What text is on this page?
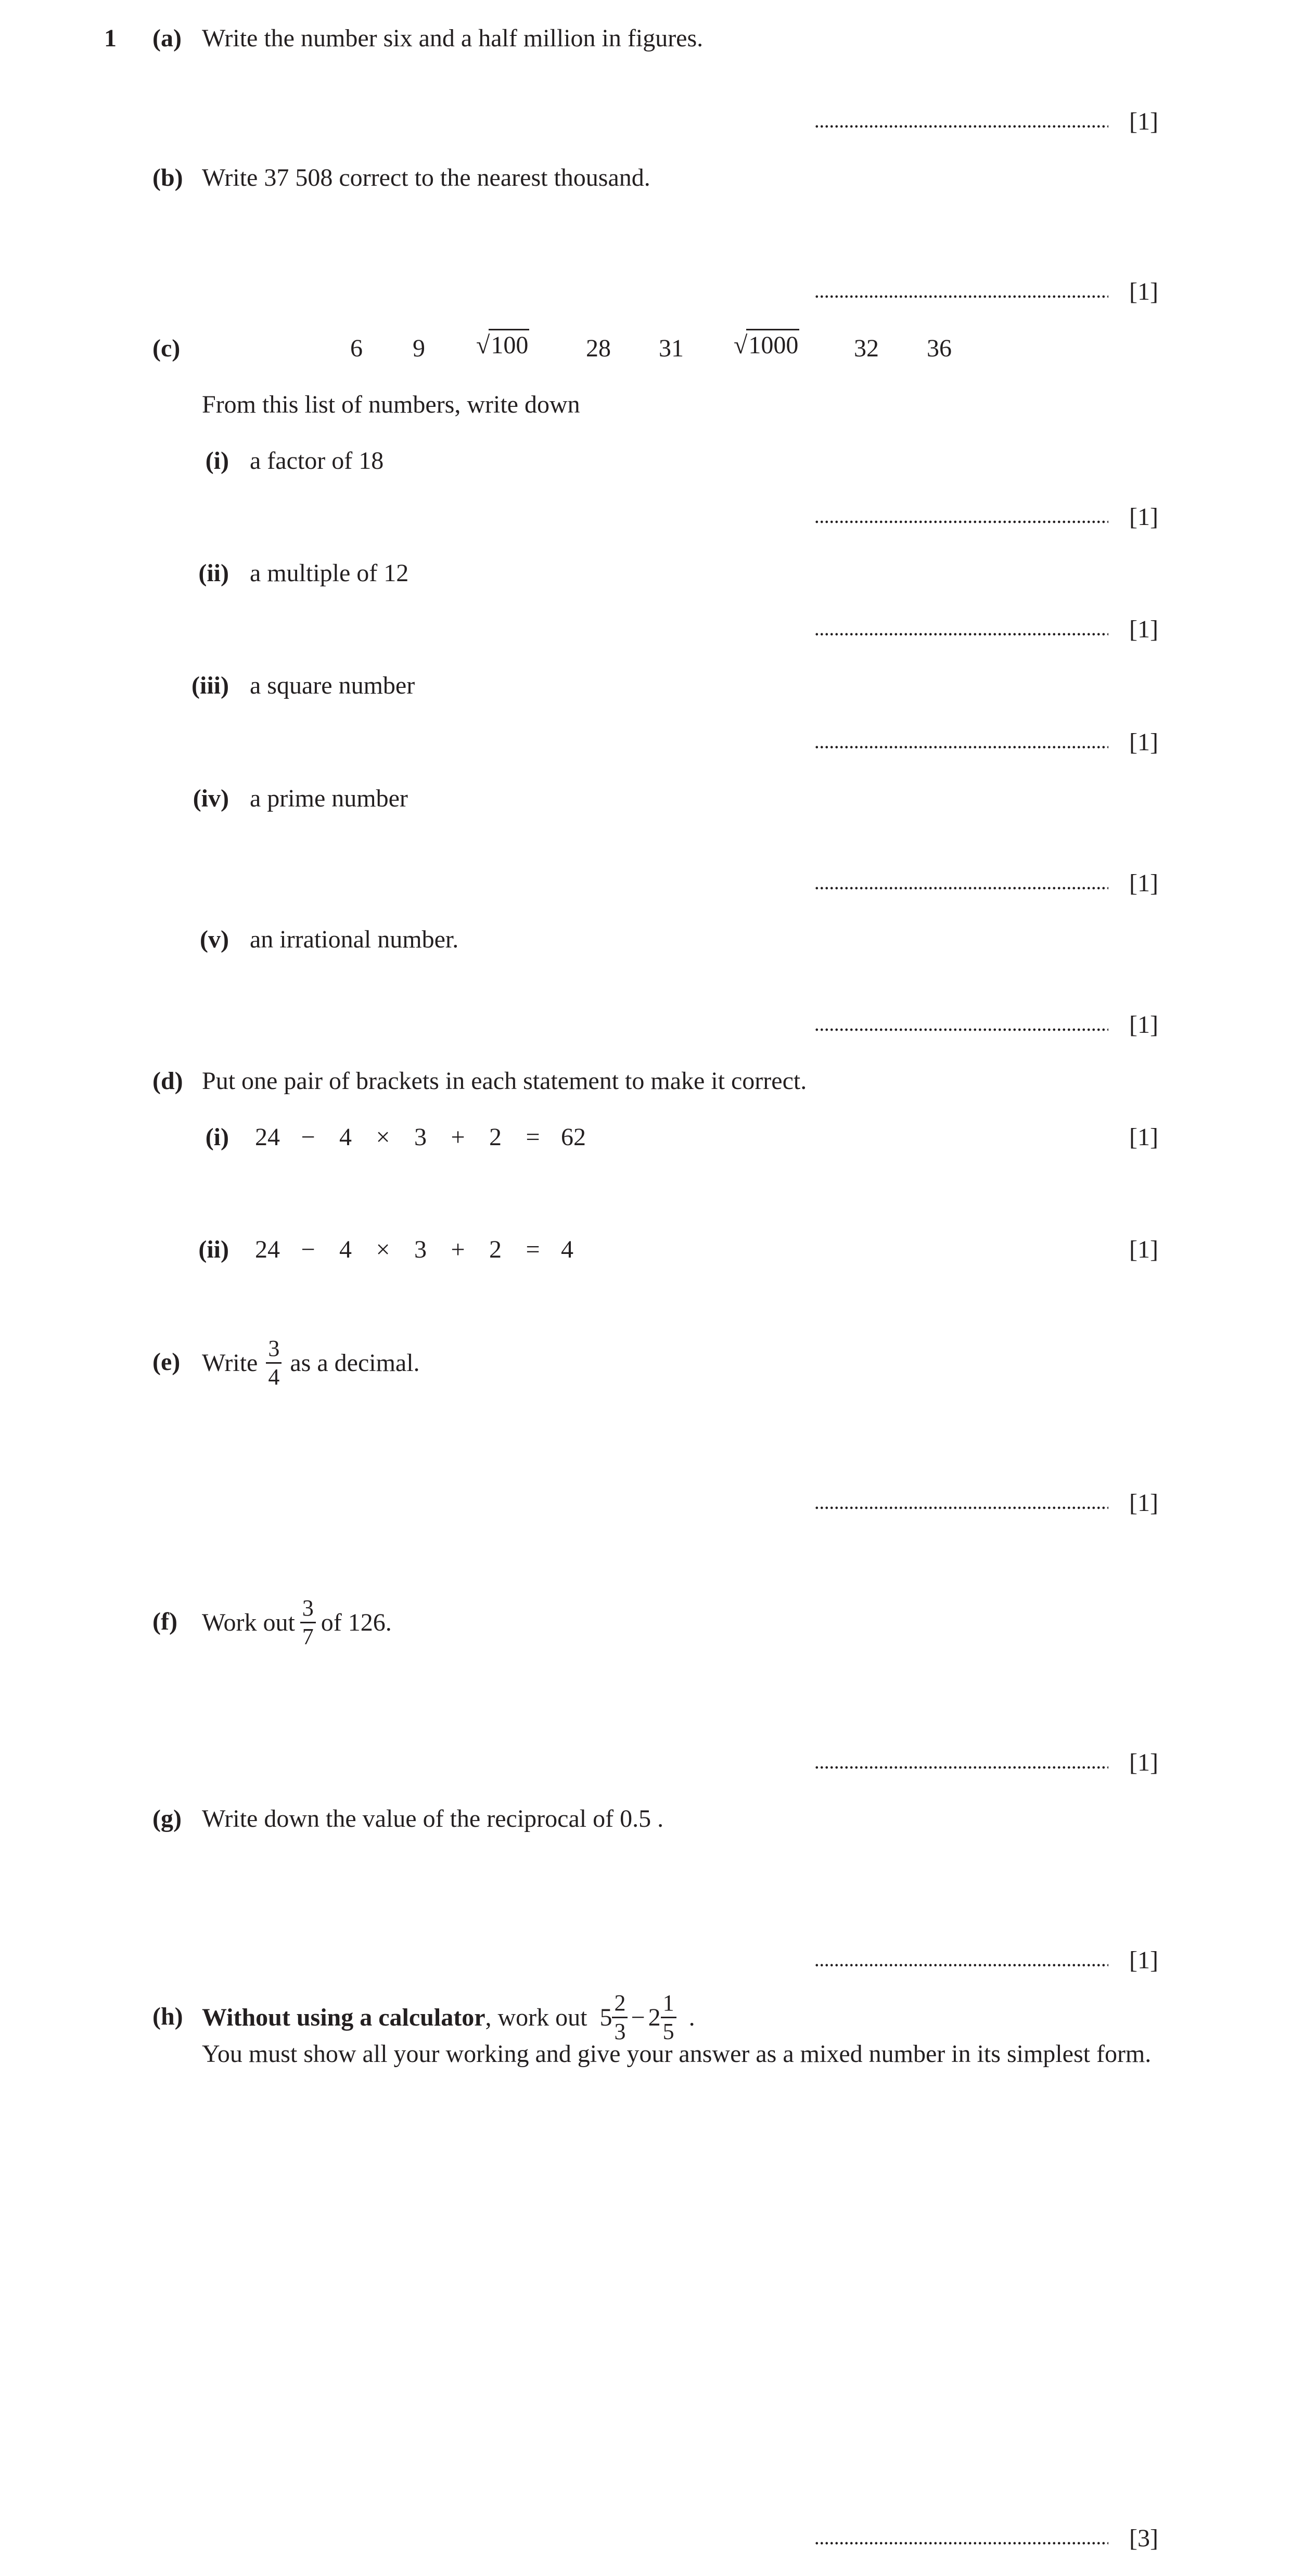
1 (a) Write the number six and a half million in figures.
[1]
(b) Write 37 508 correct to the nearest thousand.
[1]
(c)	6	9	√100	28	31	√1000	32	36
From this list of numbers, write down
(i) a factor of 18
[1]
(ii) a multiple of 12
[1]
(iii) a square number
[1]
(iv) a prime number
[1]
(v) an irrational number.
[1]
(d) Put one pair of brackets in each statement to make it correct.
(i) 24 − 4 × 3 + 2 = 62	[1]
(ii) 24 − 4 × 3 + 2 = 4	[1]
(e) Write $\frac{3}{4}$ as a decimal.
[1]
(f) Work out $\frac{3}{7}$ of 126.
[1]
(g) Write down the value of the reciprocal of 0.5 .
[1]
(h) Without using a calculator , work out $5 \frac{2}{3} - 2 \frac{1}{5}$ .
You must show all your working and give your answer as a mixed number in its simplest form.
[3]
